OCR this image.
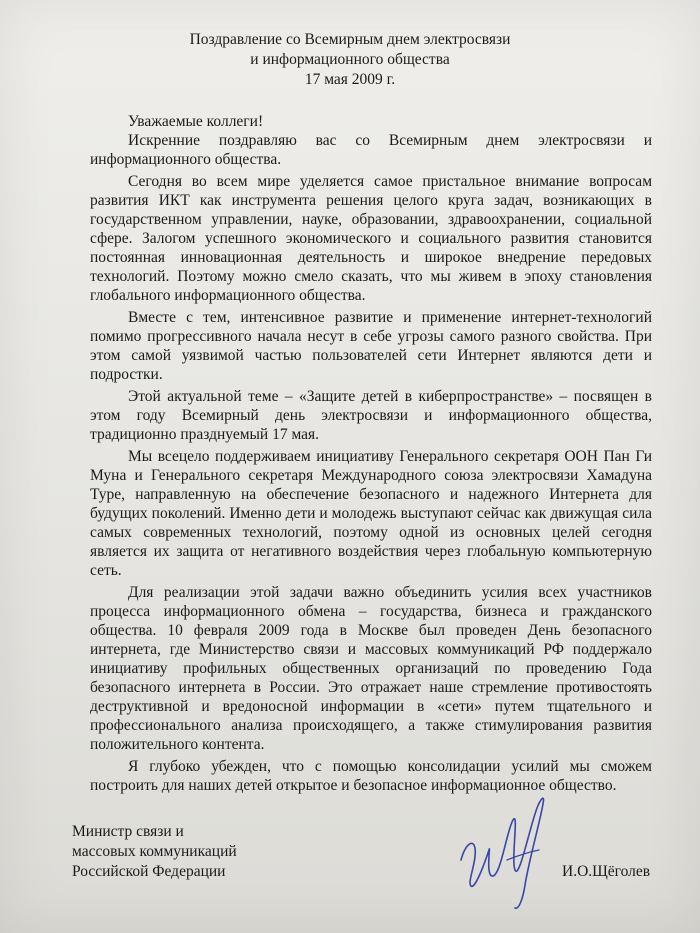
Поздравление со Всемирным днем электросвязи
и информационного общества
17 мая 2009 г.

Уважаемые коллеги!

Искренние поздравляю вас со Всемирным днем электросвязи и информационного общества.

Сегодня во всем мире уделяется самое пристальное внимание вопросам развития ИКТ как инструмента решения целого круга задач, возникающих в государственном управлении, науке, образовании, здравоохранении, социальной сфере. Залогом успешного экономического и социального развития становится постоянная инновационная деятельность и широкое внедрение передовых технологий. Поэтому можно смело сказать, что мы живем в эпоху становления глобального информационного общества.

Вместе с тем, интенсивное развитие и применение интернет-технологий помимо прогрессивного начала несут в себе угрозы самого разного свойства. При этом самой уязвимой частью пользователей сети Интернет являются дети и подростки.

Этой актуальной теме – «Защите детей в киберпространстве» – посвящен в этом году Всемирный день электросвязи и информационного общества, традиционно празднуемый 17 мая.

Мы всецело поддерживаем инициативу Генерального секретаря ООН Пан Ги Муна и Генерального секретаря Международного союза электросвязи Хамадуна Туре, направленную на обеспечение безопасного и надежного Интернета для будущих поколений. Именно дети и молодежь выступают сейчас как движущая сила самых современных технологий, поэтому одной из основных целей сегодня является их защита от негативного воздействия через глобальную компьютерную сеть.

Для реализации этой задачи важно объединить усилия всех участников процесса информационного обмена – государства, бизнеса и гражданского общества. 10 февраля 2009 года в Москве был проведен День безопасного интернета, где Министерство связи и массовых коммуникаций РФ поддержало инициативу профильных общественных организаций по проведению Года безопасного интернета в России. Это отражает наше стремление противостоять деструктивной и вредоносной информации в «сети» путем тщательного и профессионального анализа происходящего, а также стимулирования развития положительного контента.

Я глубоко убежден, что с помощью консолидации усилий мы сможем построить для наших детей открытое и безопасное информационное общество.

Министр связи и
массовых коммуникаций
Российской Федерации	И.О.Щёголев
